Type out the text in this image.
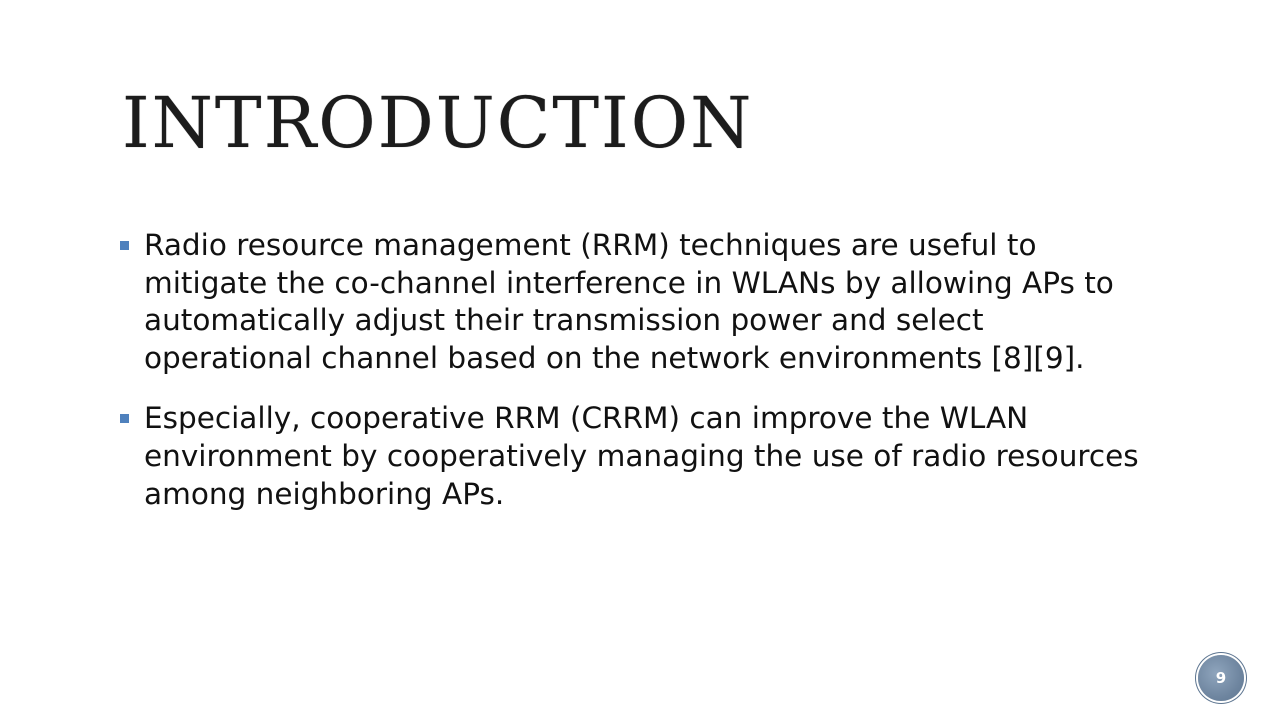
INTRODUCTION
Radio resource management (RRM) techniques are useful to mitigate the co-channel interference in WLANs by allowing APs to automatically adjust their transmission power and select operational channel based on the network environments [8][9].
Especially, cooperative RRM (CRRM) can improve the WLAN environment by cooperatively managing the use of radio resources among neighboring APs.
9
